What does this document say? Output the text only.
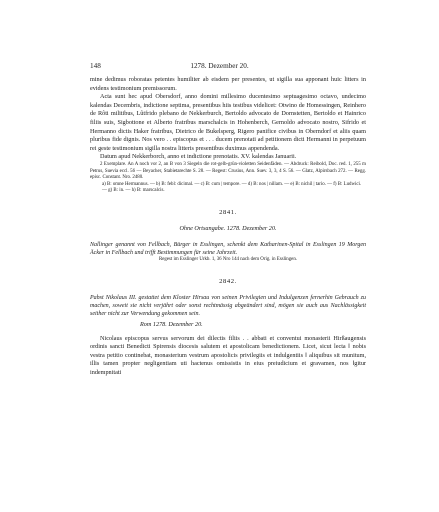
148	1278. Dezember 20.

mine dedimus roboratas petentes humiliter ab eisdem per presentes, ut sigilla sua apponant huic litters in evidens testimonium premissorum.

Acta sunt hec apud Obersdorf, anno domini millesimo ducentesimo septuagesimo octavo, undecimo kalendas Decembris, indictione septima, presentibus hiis testibus videlicet: Otwino de Homessingen, Reinhero de Rôti militibus, Lûtfrido plebano de Nekkerburch, Bertoldo advocato de Dornstetten, Bertoldo et Hainrico filiis suis, Sigbottone et Alberto fratribus marschalcis in Hohenberch, Gernoldo advocato nostro, Sifrido et Hermanno dictis Haker fratribus, Dietrico de Bukelsperg, Rigero panifice civibus in Oberndorf et aliis quam pluribus fide dignis. Nos vero . . episcopus et . . . ducem prenotati ad petitionem dicti Hermanni in perpetuum rei geste testimonium sigilla nostra litteris presentibus duximus appendenda.

Datum apud Nekkerborch, anno et indictione prenotatis. XV. kalendas Januarii.

2 Exemplare. An A noch vor 2, an B von 3 Siegeln die rot-gelb-grün-violetten Seidenfäden. — Abdruck: Reibold, Doc. red. 1, 255 m Petrus, Suevia eccl. 56 — Beyacher, Stabietarechte S. 28. — Regest: Crusius, Ann. Suev. 3, 3, 4 S. 56. — Glatz, Alpirsbach 272. — Regg. episc. Constant. Nro. 2480.

a) B: omne Hermannus. — b) B: febl: dicimal. — c) B: cum | tempore. — d) B: nos | nillam. — e) B: nichil | tario. — f) B: Ludwici. — g) B: in. — h) B: marscalcis.

2841.
Ohne Ortsangabe. 1278. Dezember 20.

Nallinger genannt von Fellbach, Bürger in Esslingen, schenkt dem Katharinen-Spital in Esslingen 19 Morgen Äcker in Fellbach und trifft Bestimmungen für seine Jahrzeit.

Regest im Esslinger Urkb. 1, 36 Nro 144 nach dem Orig. in Esslingen.

2842.

Pabst Nikolaus III. gestattet dem Kloster Hirsau von seinen Privilegien und Indulgenzen fernerhin Gebrauch zu machen, soweit sie nicht verjährt oder sonst rechtmässig abgeändert sind, mögen sie auch aus Nachlässigkeit seither nicht zur Verwendung gekommen sein.

Rom 1278. Dezember 20.

Nicolaus episcopus servus servorum dei dilectis filiis . . abbati et conventui monasterii Hirßaugensis ordinis sancti Benedicti Spirensis diocesis salutem et apostolicam benedictionem. Licet, sicut lecta ǁ nobis vestra petitio continebat, monasterium vestrum apostolicis privilegiis et indulgentiis ǁ aliquibus sit munitum, illis tamen propter negligentiam uti hactenus omissistis in eius preiudicium et gravamen, nos ǁgitur indempnitati
